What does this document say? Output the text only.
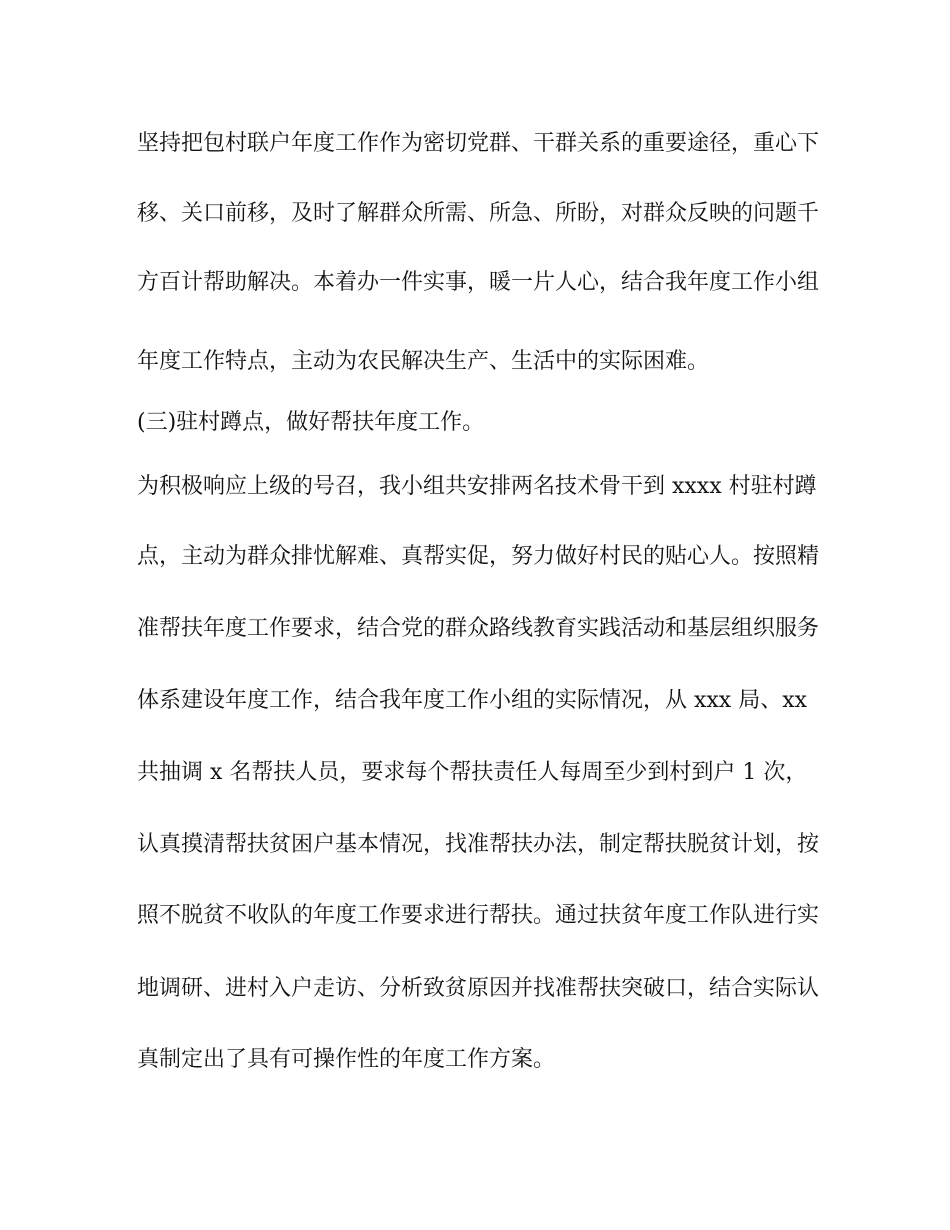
坚持把包村联户年度工作作为密切党群、干群关系的重要途径，重心下

移、关口前移，及时了解群众所需、所急、所盼，对群众反映的问题千

方百计帮助解决。本着办一件实事，暖一片人心，结合我年度工作小组

年度工作特点，主动为农民解决生产、生活中的实际困难。

(三)驻村蹲点，做好帮扶年度工作。

为积极响应上级的号召，我小组共安排两名技术骨干到 xxxx 村驻村蹲

点，主动为群众排忧解难、真帮实促，努力做好村民的贴心人。按照精

准帮扶年度工作要求，结合党的群众路线教育实践活动和基层组织服务

体系建设年度工作，结合我年度工作小组的实际情况，从 xxx 局、xx

共抽调 x 名帮扶人员，要求每个帮扶责任人每周至少到村到户 1 次，

认真摸清帮扶贫困户基本情况，找准帮扶办法，制定帮扶脱贫计划，按

照不脱贫不收队的年度工作要求进行帮扶。通过扶贫年度工作队进行实

地调研、进村入户走访、分析致贫原因并找准帮扶突破口，结合实际认

真制定出了具有可操作性的年度工作方案。
